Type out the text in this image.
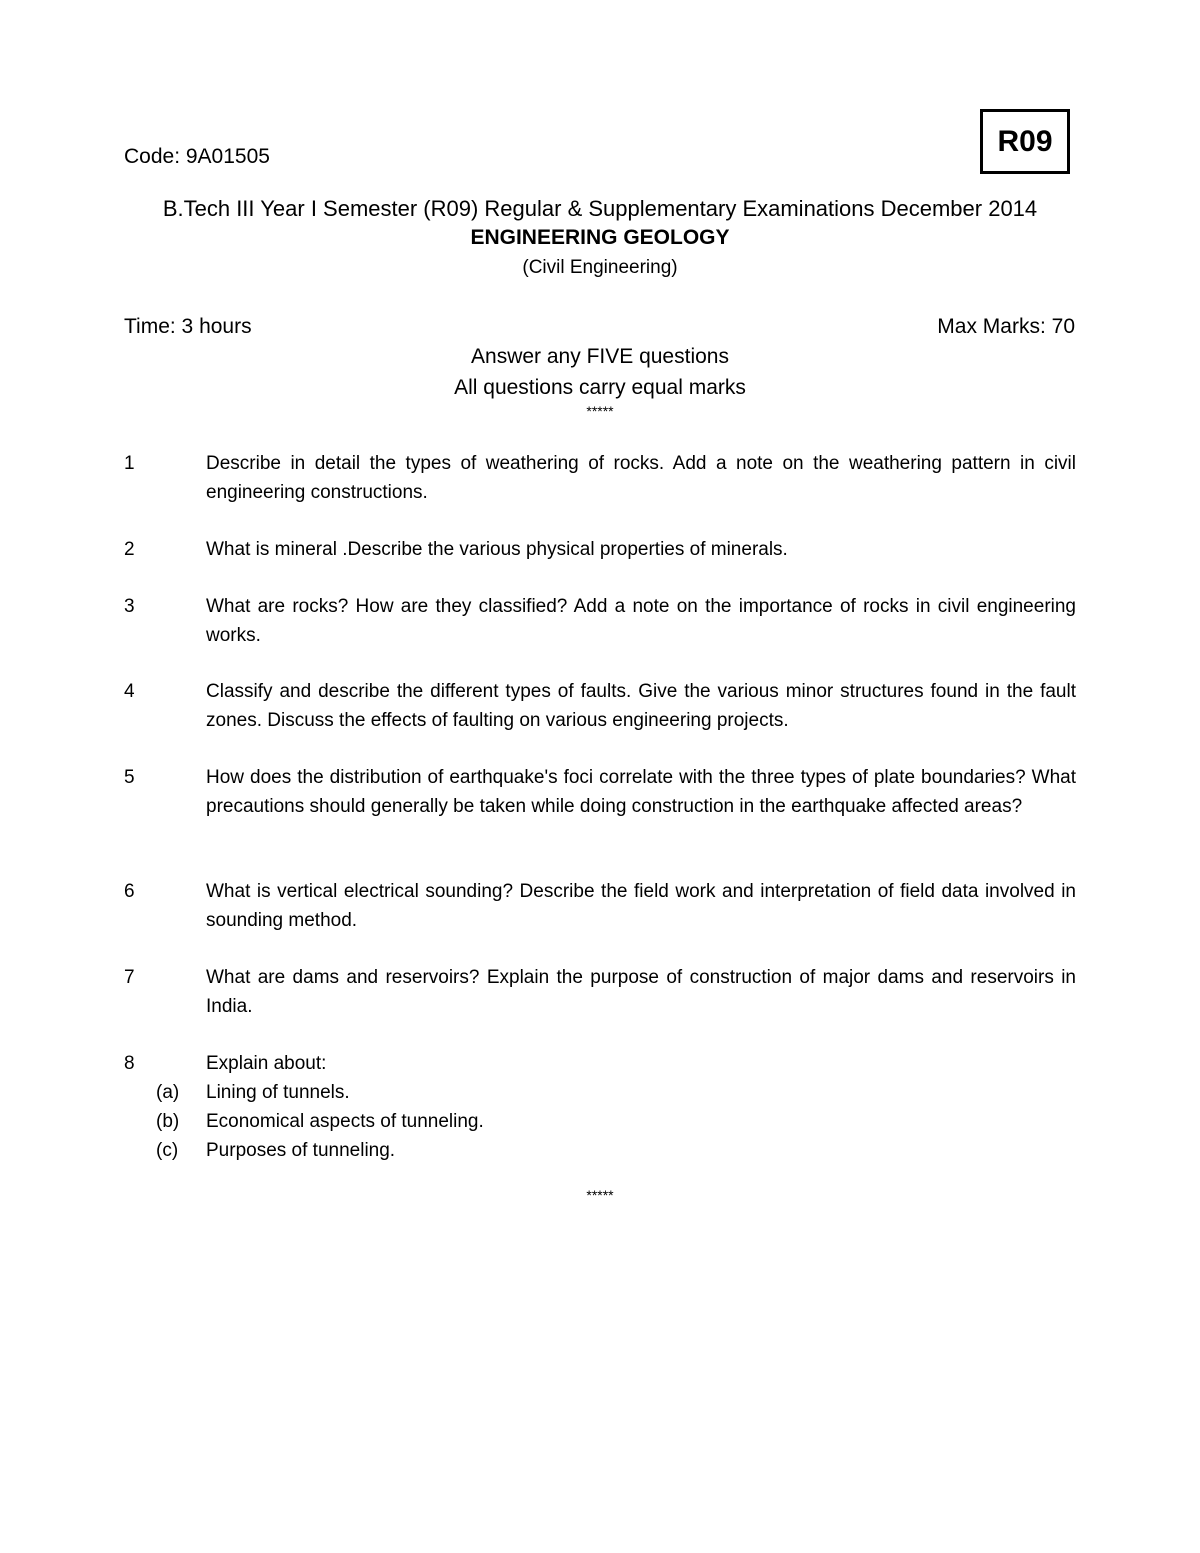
Code: 9A01505	R09
B.Tech III Year I Semester (R09) Regular & Supplementary Examinations December 2014
ENGINEERING GEOLOGY
(Civil Engineering)
Time: 3 hours	Max Marks: 70
Answer any FIVE questions
All questions carry equal marks
*****
1	Describe in detail the types of weathering of rocks. Add a note on the weathering pattern in civil engineering constructions.
2	What is mineral .Describe the various physical properties of minerals.
3	What are rocks? How are they classified? Add a note on the importance of rocks in civil engineering works.
4	Classify and describe the different types of faults. Give the various minor structures found in the fault zones. Discuss the effects of faulting on various engineering projects.
5	How does the distribution of earthquake's foci correlate with the three types of plate boundaries? What precautions should generally be taken while doing construction in the earthquake affected areas?
6	What is vertical electrical sounding? Describe the field work and interpretation of field data involved in sounding method.
7	What are dams and reservoirs? Explain the purpose of construction of major dams and reservoirs in India.
8	Explain about:
(a) Lining of tunnels.
(b) Economical aspects of tunneling.
(c) Purposes of tunneling.
*****
